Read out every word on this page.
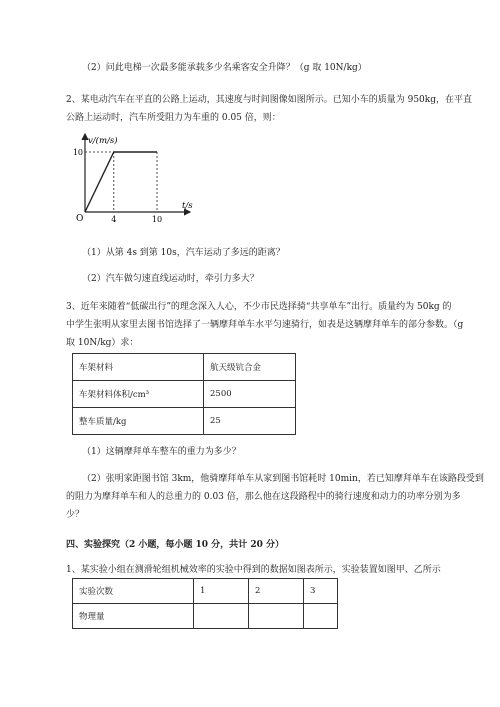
（2）问此电梯一次最多能承载多少名乘客安全升降？（g 取 10N/kg）
2、某电动汽车在平直的公路上运动，其速度与时间图像如图所示。已知小车的质量为 950kg，在平直
公路上运动时，汽车所受阻力为车重的 0.05 倍，则：
v/(m/s)
t/s
O
10
4	10
（1）从第 4s 到第 10s，汽车运动了多远的距离？
（2）汽车做匀速直线运动时，牵引力多大？
3、近年来随着“低碳出行”的理念深入人心，不少市民选择骑“共享单车”出行。质量约为 50kg 的
中学生张明从家里去图书馆选择了一辆摩拜单车水平匀速骑行，如表是这辆摩拜单车的部分参数。（g
取 10N/kg）求：
车架材料	航天级钪合金
车架材料体积/cm³	2500
整车质量/kg	25
（1）这辆摩拜单车整车的重力为多少？
（2）张明家距图书馆 3km，他骑摩拜单车从家到图书馆耗时 10min，若已知摩拜单车在该路段受到
的阻力为摩拜单车和人的总重力的 0.03 倍，那么他在这段路程中的骑行速度和动力的功率分别为多
少？
四、实验探究（2 小题，每小题 10 分，共计 20 分）
1、某实验小组在测滑轮组机械效率的实验中得到的数据如图表所示，实验装置如图甲、乙所示
实验次数	1	2	3
物理量			
